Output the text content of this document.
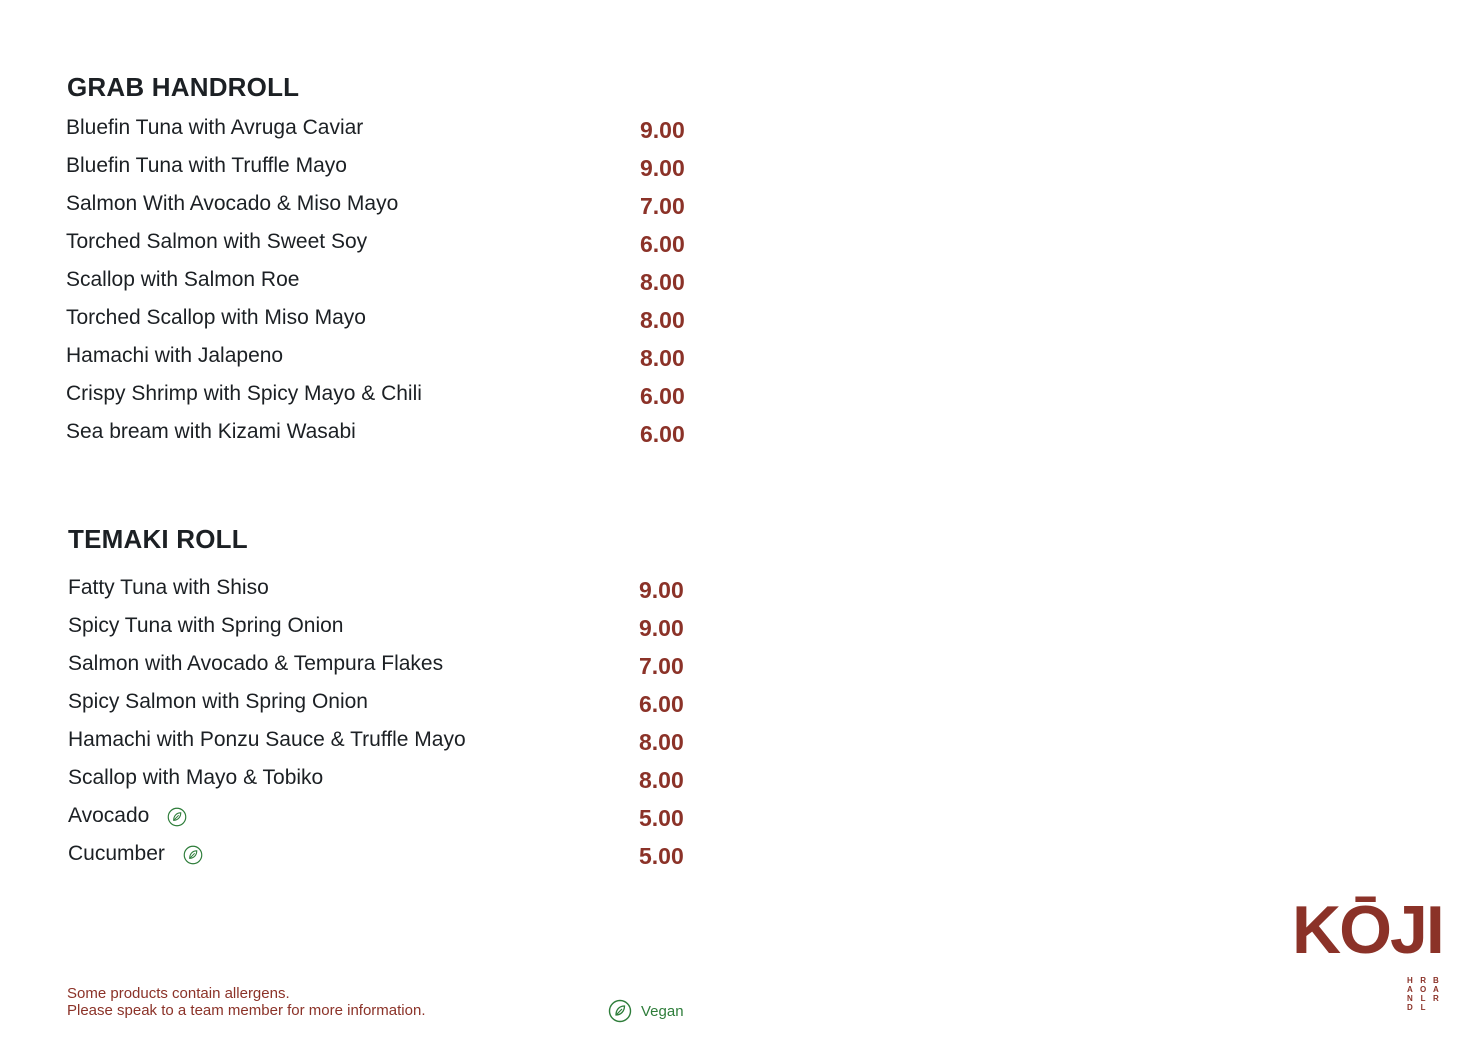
GRAB HANDROLL
Bluefin Tuna with Avruga Caviar	9.00
Bluefin Tuna with Truffle Mayo	9.00
Salmon With Avocado & Miso Mayo	7.00
Torched Salmon with Sweet Soy	6.00
Scallop with Salmon Roe	8.00
Torched Scallop with Miso Mayo	8.00
Hamachi with Jalapeno	8.00
Crispy Shrimp with Spicy Mayo & Chili	6.00
Sea bream with Kizami Wasabi	6.00
TEMAKI ROLL
Fatty Tuna with Shiso	9.00
Spicy Tuna with Spring Onion	9.00
Salmon with Avocado & Tempura Flakes	7.00
Spicy Salmon with Spring Onion	6.00
Hamachi with Ponzu Sauce & Truffle Mayo	8.00
Scallop with Mayo & Tobiko	8.00
Avocado	5.00
Cucumber	5.00
Some products contain allergens.
Please speak to a team member for more information.	Vegan
KŌJI
H
A
N
D
R
O
L
L
B
A
R
